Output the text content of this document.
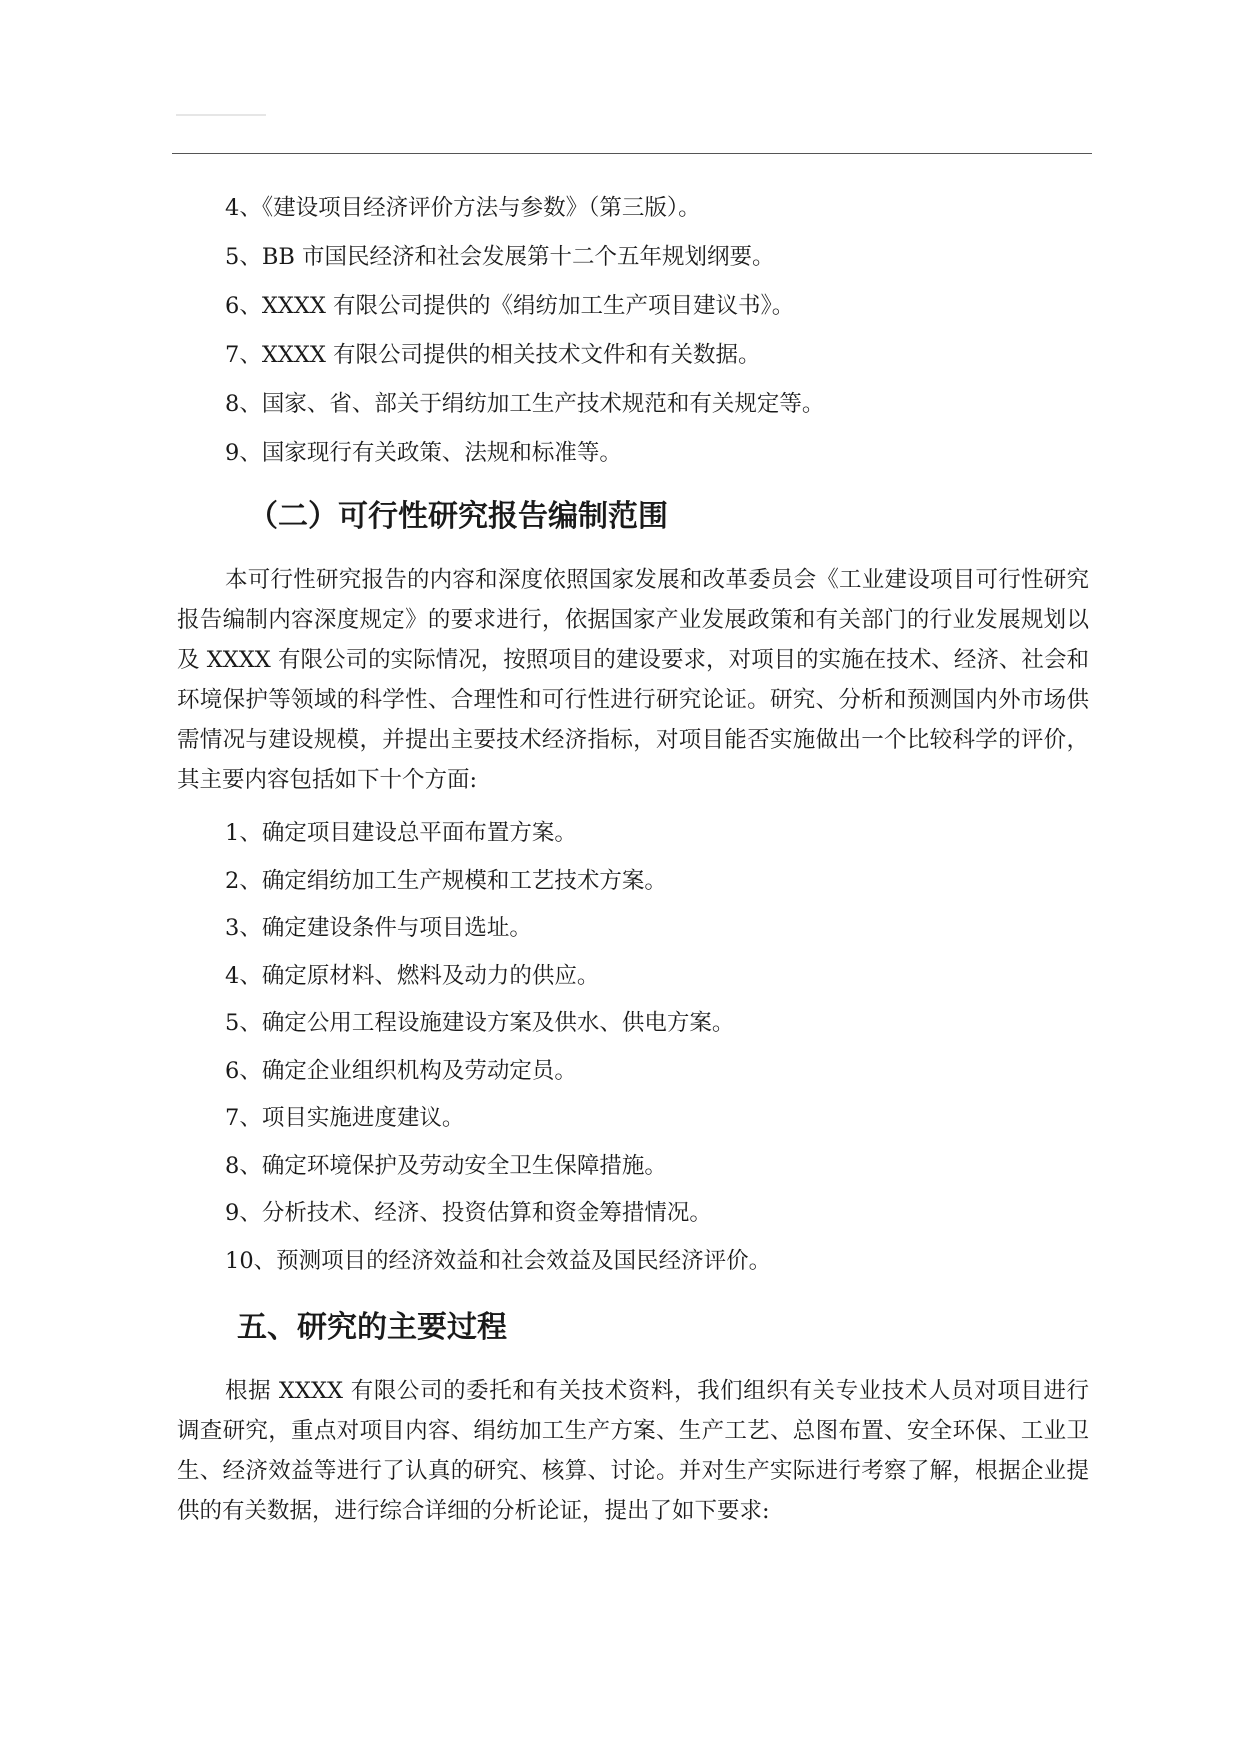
4、《建设项目经济评价方法与参数》（第三版）。
5、BB 市国民经济和社会发展第十二个五年规划纲要。
6、XXXX 有限公司提供的《绢纺加工生产项目建议书》。
7、XXXX 有限公司提供的相关技术文件和有关数据。
8、国家、省、部关于绢纺加工生产技术规范和有关规定等。
9、国家现行有关政策、法规和标准等。
（二）可行性研究报告编制范围

本可行性研究报告的内容和深度依照国家发展和改革委员会《工业建设项目可行性研究报告编制内容深度规定》的要求进行，依据国家产业发展政策和有关部门的行业发展规划以及 XXXX 有限公司的实际情况，按照项目的建设要求，对项目的实施在技术、经济、社会和环境保护等领域的科学性、合理性和可行性进行研究论证。研究、分析和预测国内外市场供需情况与建设规模，并提出主要技术经济指标，对项目能否实施做出一个比较科学的评价，其主要内容包括如下十个方面:

1、确定项目建设总平面布置方案。
2、确定绢纺加工生产规模和工艺技术方案。
3、确定建设条件与项目选址。
4、确定原材料、燃料及动力的供应。
5、确定公用工程设施建设方案及供水、供电方案。
6、确定企业组织机构及劳动定员。
7、项目实施进度建议。
8、确定环境保护及劳动安全卫生保障措施。
9、分析技术、经济、投资估算和资金筹措情况。
10、预测项目的经济效益和社会效益及国民经济评价。
五、研究的主要过程

根据 XXXX 有限公司的委托和有关技术资料，我们组织有关专业技术人员对项目进行调查研究，重点对项目内容、绢纺加工生产方案、生产工艺、总图布置、安全环保、工业卫生、经济效益等进行了认真的研究、核算、讨论。并对生产实际进行考察了解，根据企业提供的有关数据，进行综合详细的分析论证，提出了如下要求:
